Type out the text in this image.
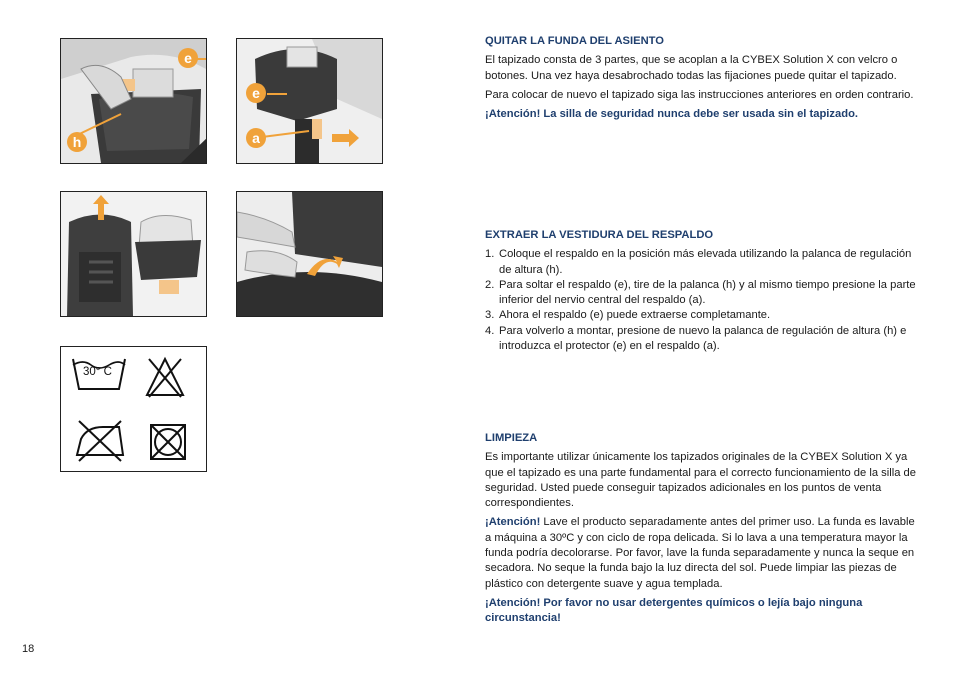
e
h
e
a
30° C

QUITAR LA FUNDA DEL ASIENTO

El tapizado consta de 3 partes, que se acoplan a la CYBEX Solution X con velcro o botones. Una vez haya desabrochado todas las fijaciones puede quitar el tapizado.

Para colocar de nuevo el tapizado siga las instrucciones anteriores en orden contrario.

¡Atención! La silla de seguridad nunca debe ser usada sin el tapizado.

EXTRAER LA VESTIDURA DEL RESPALDO

1. Coloque el respaldo en la posición más elevada utilizando la palanca de regulación de altura (h).
2. Para soltar el respaldo (e), tire de la palanca (h) y al mismo tiempo presione la parte inferior del nervio central del respaldo (a).
3. Ahora el respaldo (e) puede extraerse completamante.
4. Para volverlo a montar, presione de nuevo la palanca de regulación de altura (h) e introduzca el protector (e) en el respaldo (a).

LIMPIEZA

Es importante utilizar únicamente los tapizados originales de la CYBEX Solution X ya que el tapizado es una parte fundamental para el correcto funcionamiento de la silla de seguridad. Usted puede conseguir tapizados adicionales en los puntos de venta correspondientes.

¡Atención! Lave el producto separadamente antes del primer uso. La funda es lavable a máquina a 30ºC y con ciclo de ropa delicada. Si lo lava a una temperatura mayor la funda podría decolorarse. Por favor, lave la funda separadamente y nunca la seque en secadora. No seque la funda bajo la luz directa del sol. Puede limpiar las piezas de plástico con detergente suave y agua templada.

¡Atención! Por favor no usar detergentes químicos o lejía bajo ninguna circunstancia!

18
